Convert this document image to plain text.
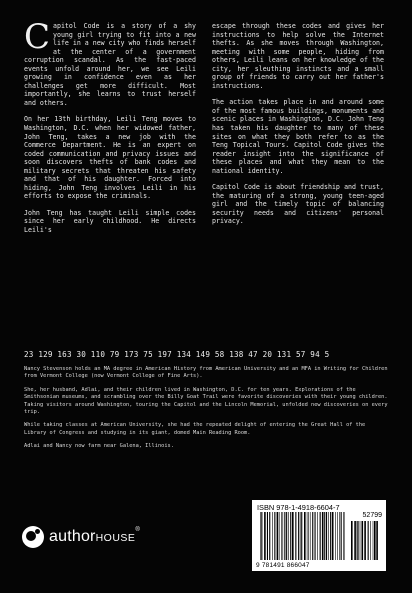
Capitol Code is a story of a shy young girl trying to fit into a new life in a new city who finds herself at the center of a government corruption scandal. As the fast-paced events unfold around her, we see Leili growing in confidence even as her challenges get more difficult. Most importantly, she learns to trust herself and others.

On her 13th birthday, Leili Teng moves to Washington, D.C. when her widowed father, John Teng, takes a new job with the Commerce Department. He is an expert on coded communication and privacy issues and soon discovers thefts of bank codes and military secrets that threaten his safety and that of his daughter. Forced into hiding, John Teng involves Leili in his efforts to expose the criminals.

John Teng has taught Leili simple codes since her early childhood. He directs Leili's

escape through these codes and gives her instructions to help solve the Internet thefts. As she moves through Washington, meeting with some people, hiding from others, Leili leans on her knowledge of the city, her sleuthing instincts and a small group of friends to carry out her father's instructions.

The action takes place in and around some of the most famous buildings, monuments and scenic places in Washington, D.C. John Teng has taken his daughter to many of these sites on what they both refer to as the Teng Topical Tours. Capitol Code gives the reader insight into the significance of these places and what they mean to the national identity.

Capitol Code is about friendship and trust, the maturing of a strong, young teen-aged girl and the timely topic of balancing security needs and citizens' personal privacy.

23 129 163 30 110 79 173 75 197 134 149 58 138 47 20 131 57 94 5

Nancy Stevenson holds an MA degree in American History from American University and an MFA in Writing for Children from Vermont College (now Vermont College of Fine Arts).

She, her husband, Adlai, and their children lived in Washington, D.C. for ten years. Explorations of the Smithsonian museums, and scrambling over the Billy Goat Trail were favorite discoveries with their young children. Taking visitors around Washington, touring the Capitol and the Lincoln Memorial, unfolded new discoveries on every trip.

While taking classes at American University, she had the repeated delight of entering the Great Hall of the Library of Congress and studying in its giant, domed Main Reading Room.

Adlai and Nancy now farm near Galena, Illinois.

authorHOUSE®
ISBN 978-1-4918-6604-7
52799
9 781491 866047
